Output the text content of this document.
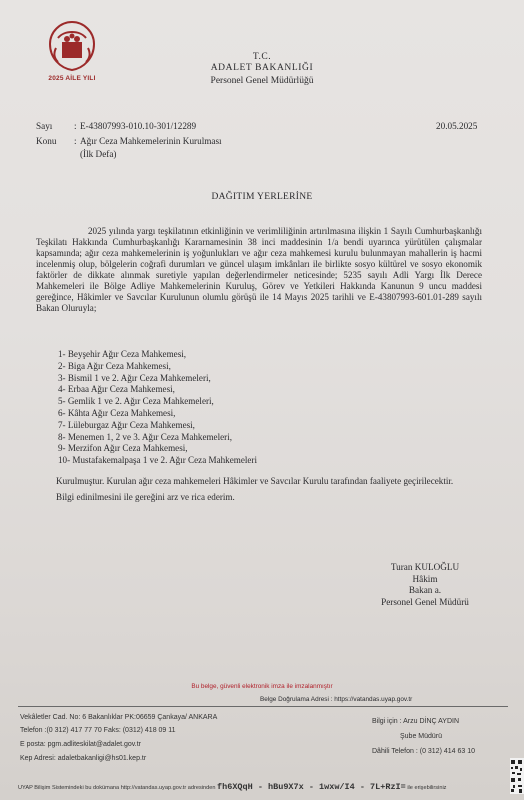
2025 AİLE YILI
T.C.
ADALET BAKANLIĞI
Personel Genel Müdürlüğü
Sayı : E-43807993-010.10-301/12289	20.05.2025
Konu : Ağır Ceza Mahkemelerinin Kurulması
(İlk Defa)
DAĞITIM YERLERİNE

2025 yılında yargı teşkilatının etkinliğinin ve verimliliğinin artırılmasına ilişkin 1 Sayılı Cumhurbaşkanlığı Teşkilatı Hakkında Cumhurbaşkanlığı Kararnamesinin 38 inci maddesinin 1/a bendi uyarınca yürütülen çalışmalar kapsamında; ağır ceza mahkemelerinin iş yoğunlukları ve ağır ceza mahkemesi kurulu bulunmayan mahallerin iş hacmi incelenmiş olup, bölgelerin coğrafi durumları ve güncel ulaşım imkânları ile birlikte sosyo kültürel ve sosyo ekonomik faktörler de dikkate alınmak suretiyle yapılan değerlendirmeler neticesinde; 5235 sayılı Adli Yargı İlk Derece Mahkemeleri ile Bölge Adliye Mahkemelerinin Kuruluş, Görev ve Yetkileri Hakkında Kanunun 9 uncu maddesi gereğince, Hâkimler ve Savcılar Kurulunun olumlu görüşü ile 14 Mayıs 2025 tarihli ve E-43807993-601.01-289 sayılı Bakan Oluruyla;

1- Beyşehir Ağır Ceza Mahkemesi,
2- Biga Ağır Ceza Mahkemesi,
3- Bismil 1 ve 2. Ağır Ceza Mahkemeleri,
4- Erbaa Ağır Ceza Mahkemesi,
5- Gemlik 1 ve 2. Ağır Ceza Mahkemeleri,
6- Kâhta Ağır Ceza Mahkemesi,
7- Lüleburgaz Ağır Ceza Mahkemesi,
8- Menemen 1, 2 ve 3. Ağır Ceza Mahkemeleri,
9- Merzifon Ağır Ceza Mahkemesi,
10- Mustafakemalpaşa 1 ve 2. Ağır Ceza Mahkemeleri

Kurulmuştur. Kurulan ağır ceza mahkemeleri Hâkimler ve Savcılar Kurulu tarafından faaliyete geçirilecektir.

Bilgi edinilmesini ile gereğini arz ve rica ederim.

Turan KULOĞLU
Hâkim
Bakan a.
Personel Genel Müdürü
Bu belge, güvenli elektronik imza ile imzalanmıştır
Belge Doğrulama Adresi : https://vatandas.uyap.gov.tr
Vekâletler Cad. No: 6 Bakanlıklar PK:06659 Çankaya/ ANKARA
Telefon :(0 312) 417 77 70 Faks: (0312) 418 09 11
E posta: pgm.adliteskilat@adalet.gov.tr
Kep Adresi: adaletbakanligi@hs01.kep.tr
Bilgi için : Arzu DİNÇ AYDIN
Şube Müdürü
Dâhili Telefon : (0 312) 414 63 10
UYAP Bilişim Sistemindeki bu dokümana http://vatandas.uyap.gov.tr adresinden fh6XQqH - hBu9X7x - 1wxw/I4 - 7L+RzI= ile erişebilirsiniz
